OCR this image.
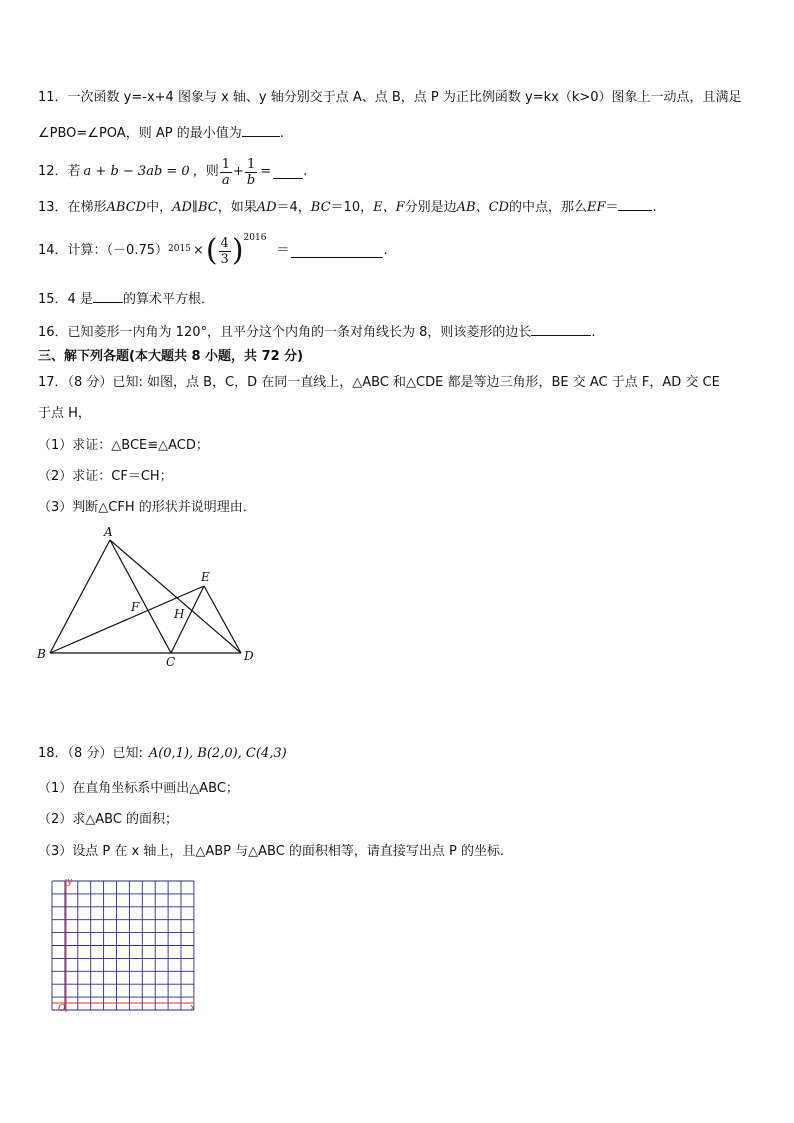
11．一次函数 y=-x+4 图象与 x 轴、y 轴分别交于点 A、点 B，点 P 为正比例函数 y=kx（k>0）图象上一动点，且满足
∠PBO=∠POA，则 AP 的最小值为	.
12．若 a + b − 3ab = 0 ，则 $\frac{1}{a} + \frac{1}{b}$ = .
13．在梯形ABCD中，AD∥BC，如果AD＝4，BC＝10，E、F分别是边AB、CD的中点，那么EF＝	.
14．计算：（－0.75） 2015 × ( $\frac{4}{3}$ ) 2016
＝	.
15．4 是 的算术平方根．
16．已知菱形一内角为 120°，且平分这个内角的一条对角线长为 8，则该菱形的边长	.
三、解下列各题(本大题共 8 小题，共 72 分)
17．（8 分）已知: 如图，点 B，C，D 在同一直线上，△ABC 和△CDE 都是等边三角形，BE 交 AC 于点 F，AD 交 CE
于点 H，
（1）求证：△BCE≌△ACD；
（2）求证：CF＝CH；
（3）判断△CFH 的形状并说明理由．
A
B
C	D
E
F	H
18．（8 分）已知: A(0,1), B(2,0), C(4,3)
（1）在直角坐标系中画出△ABC；
（2）求△ABC 的面积；
（3）设点 P 在 x 轴上，且△ABP 与△ABC 的面积相等，请直接写出点 P 的坐标．
y
x
O
